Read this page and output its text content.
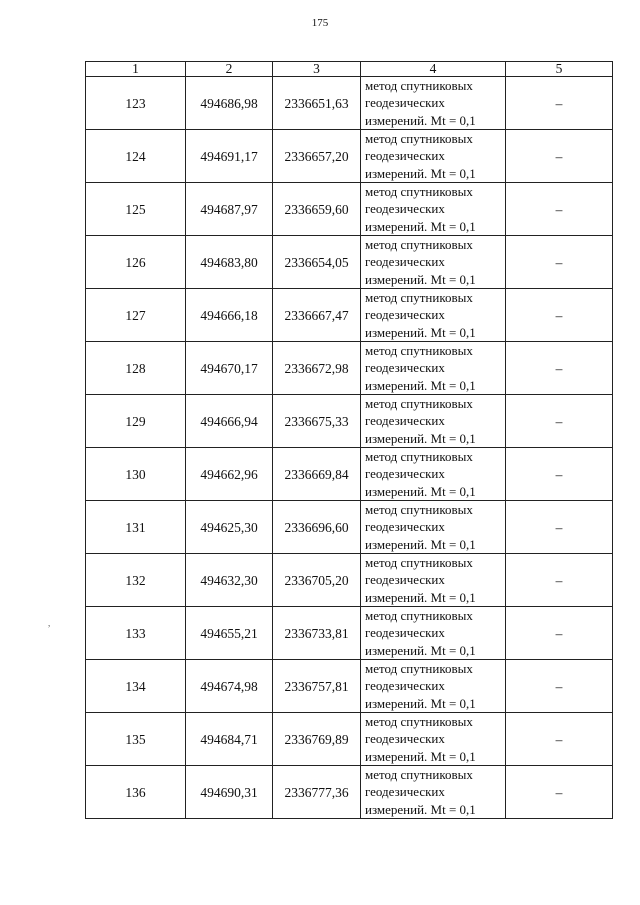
175
,
1	2	3	4	5
123	494686,98	2336651,63	метод спутниковых
геодезических
измерений. Mt = 0,1	–
124	494691,17	2336657,20	метод спутниковых
геодезических
измерений. Mt = 0,1	–
125	494687,97	2336659,60	метод спутниковых
геодезических
измерений. Mt = 0,1	–
126	494683,80	2336654,05	метод спутниковых
геодезических
измерений. Mt = 0,1	–
127	494666,18	2336667,47	метод спутниковых
геодезических
измерений. Mt = 0,1	–
128	494670,17	2336672,98	метод спутниковых
геодезических
измерений. Mt = 0,1	–
129	494666,94	2336675,33	метод спутниковых
геодезических
измерений. Mt = 0,1	–
130	494662,96	2336669,84	метод спутниковых
геодезических
измерений. Mt = 0,1	–
131	494625,30	2336696,60	метод спутниковых
геодезических
измерений. Mt = 0,1	–
132	494632,30	2336705,20	метод спутниковых
геодезических
измерений. Mt = 0,1	–
133	494655,21	2336733,81	метод спутниковых
геодезических
измерений. Mt = 0,1	–
134	494674,98	2336757,81	метод спутниковых
геодезических
измерений. Mt = 0,1	–
135	494684,71	2336769,89	метод спутниковых
геодезических
измерений. Mt = 0,1	–
136	494690,31	2336777,36	метод спутниковых
геодезических
измерений. Mt = 0,1	–
